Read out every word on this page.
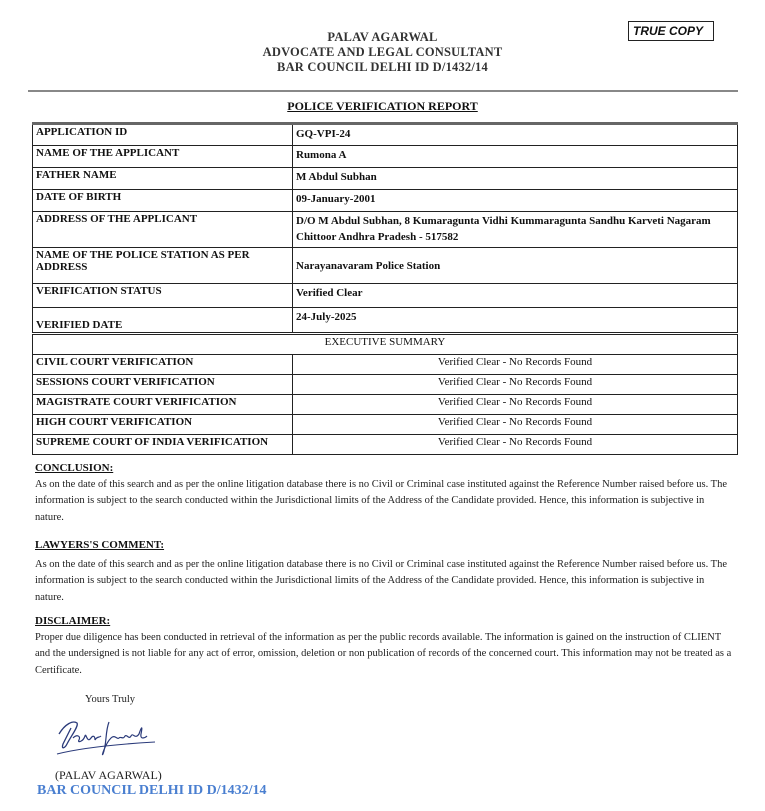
PALAV AGARWAL
ADVOCATE AND LEGAL CONSULTANT
BAR COUNCIL DELHI ID D/1432/14
TRUE COPY
POLICE VERIFICATION REPORT
APPLICATION ID	GQ-VPI-24
NAME OF THE APPLICANT	Rumona A
FATHER NAME	M Abdul Subhan
DATE OF BIRTH	09-January-2001
ADDRESS OF THE APPLICANT	D/O M Abdul Subhan, 8 Kumaragunta Vidhi Kummaragunta Sandhu Karveti Nagaram Chittoor Andhra Pradesh - 517582
NAME OF THE POLICE STATION AS PER ADDRESS	Narayanavaram Police Station
VERIFICATION STATUS	Verified Clear
VERIFIED DATE	24-July-2025
EXECUTIVE SUMMARY	
CIVIL COURT VERIFICATION	Verified Clear - No Records Found
SESSIONS COURT VERIFICATION	Verified Clear - No Records Found
MAGISTRATE COURT VERIFICATION	Verified Clear - No Records Found
HIGH COURT VERIFICATION	Verified Clear - No Records Found
SUPREME COURT OF INDIA VERIFICATION	Verified Clear - No Records Found
CONCLUSION:
As on the date of this search and as per the online litigation database there is no Civil or Criminal case instituted against the Reference Number raised before us. The information is subject to the search conducted within the Jurisdictional limits of the Address of the Candidate provided. Hence, this information is subjective in nature.
LAWYERS'S COMMENT:
As on the date of this search and as per the online litigation database there is no Civil or Criminal case instituted against the Reference Number raised before us. The information is subject to the search conducted within the Jurisdictional limits of the Address of the Candidate provided. Hence, this information is subjective in nature.
DISCLAIMER:
Proper due diligence has been conducted in retrieval of the information as per the public records available. The information is gained on the instruction of CLIENT and the undersigned is not liable for any act of error, omission, deletion or non publication of records of the concerned court. This information may not be treated as a Certificate.
Yours Truly
(PALAV AGARWAL)
BAR COUNCIL DELHI ID D/1432/14
